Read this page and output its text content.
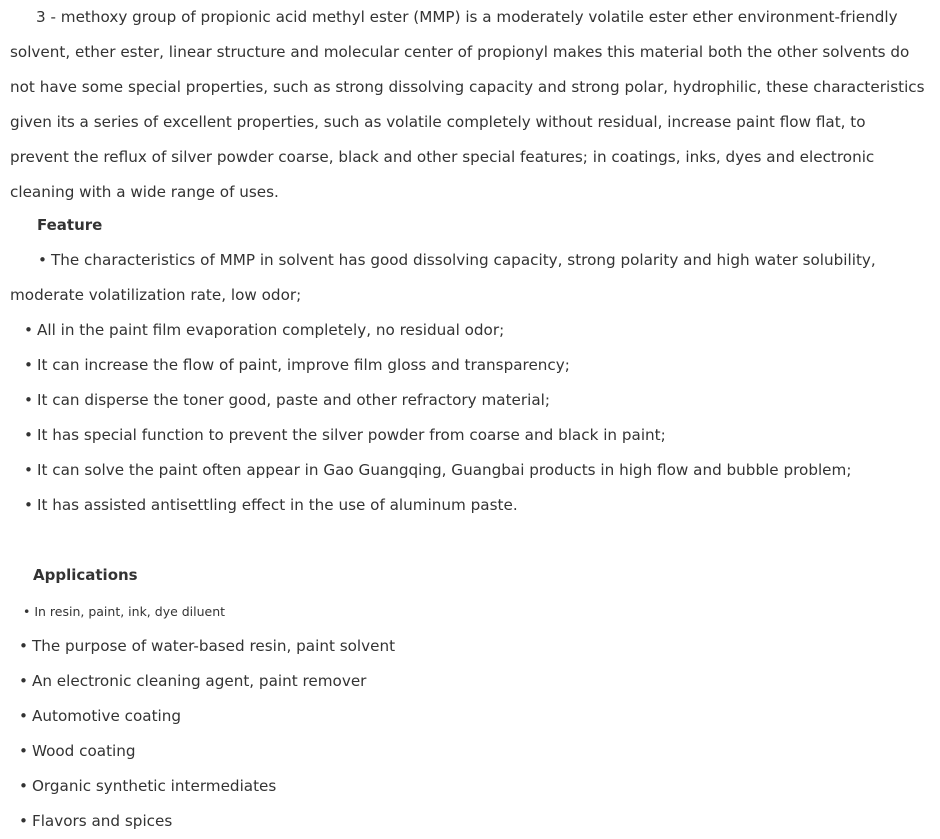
3 - methoxy group of propionic acid methyl ester (MMP) is a moderately volatile ester ether environment-friendly solvent, ether ester, linear structure and molecular center of propionyl makes this material both the other solvents do not have some special properties, such as strong dissolving capacity and strong polar, hydrophilic, these characteristics given its a series of excellent properties, such as volatile completely without residual, increase paint flow flat, to prevent the reflux of silver powder coarse, black and other special features; in coatings, inks, dyes and electronic cleaning with a wide range of uses.

Feature
• The characteristics of MMP in solvent has good dissolving capacity, strong polarity and high water solubility, moderate volatilization rate, low odor;
• All in the paint film evaporation completely, no residual odor;
• It can increase the flow of paint, improve film gloss and transparency;
• It can disperse the toner good, paste and other refractory material;
• It has special function to prevent the silver powder from coarse and black in paint;
• It can solve the paint often appear in Gao Guangqing, Guangbai products in high flow and bubble problem;
• It has assisted antisettling effect in the use of aluminum paste.
Applications

• In resin, paint, ink, dye diluent

• The purpose of water-based resin, paint solvent
• An electronic cleaning agent, paint remover
• Automotive coating
• Wood coating
• Organic synthetic intermediates
• Flavors and spices
